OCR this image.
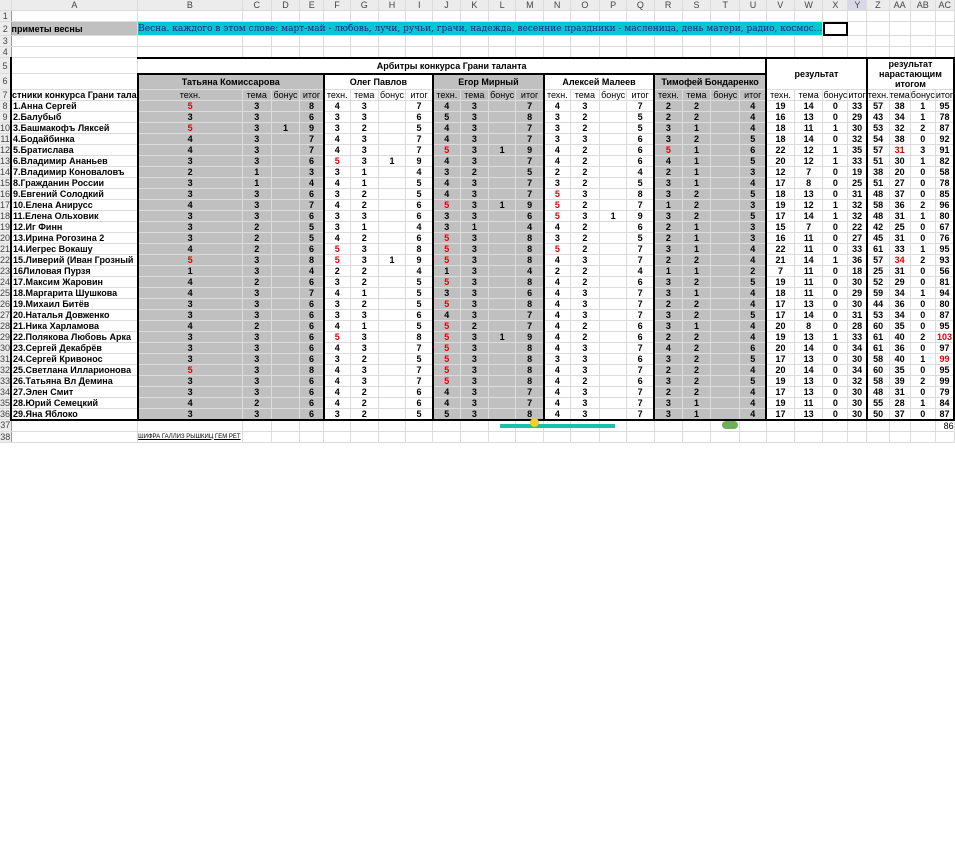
	A	B	C	D	E	F	G	H	I	J	K	L	M	N	O	P	Q	R	S	T	U	V	W	X	Y	Z	AA	AB	AC
1																													
2	приметы весны	Весна. каждого в этом слове: март-май - любовь, лучи, ручьи, грачи, надежда, весенние праздники - масленица, день матери, радио, космос...																											
3																													
4																													
5		Арбитры конкурса Грани таланта																				результат				результат нарастающим итогом			
6		Татьяна Комиссарова				Олег Павлов				Егор Мирный				Алексей Малеев				Тимофей Бондаренко											
7	стники конкурса Грани тала	техн.	тема	бонус	итог	техн.	тема	бонус	итог	техн.	тема	бонус	итог	техн.	тема	бонус	итог	техн.	тема	бонус	итог	техн.	тема	бонус	итог	техн.	тема	бонус	итог
8	1.Анна Сергей	5	3		8	4	3		7	4	3		7	4	3		7	2	2		4	19	14	0	33	57	38	1	95
9	2.Балубыб	3	3		6	3	3		6	5	3		8	3	2		5	2	2		4	16	13	0	29	43	34	1	78
10	3.Башмакофъ Ляксей	5	3	1	9	3	2		5	4	3		7	3	2		5	3	1		4	18	11	1	30	53	32	2	87
11	4.Бодайбинка	4	3		7	4	3		7	4	3		7	3	3		6	3	2		5	18	14	0	32	54	38	0	92
12	5.Братислава	4	3		7	4	3		7	5	3	1	9	4	2		6	5	1		6	22	12	1	35	57	31	3	91
13	6.Владимир Ананьев	3	3		6	5	3	1	9	4	3		7	4	2		6	4	1		5	20	12	1	33	51	30	1	82
14	7.Владимир Коноваловъ	2	1		3	3	1		4	3	2		5	2	2		4	2	1		3	12	7	0	19	38	20	0	58
15	8.Гражданин России	3	1		4	4	1		5	4	3		7	3	2		5	3	1		4	17	8	0	25	51	27	0	78
16	9.Евгений Солодкий	3	3		6	3	2		5	4	3		7	5	3		8	3	2		5	18	13	0	31	48	37	0	85
17	10.Елена Анирусс	4	3		7	4	2		6	5	3	1	9	5	2		7	1	2		3	19	12	1	32	58	36	2	96
18	11.Елена Ольховик	3	3		6	3	3		6	3	3		6	5	3	1	9	3	2		5	17	14	1	32	48	31	1	80
19	12.Иг Финн	3	2		5	3	1		4	3	1		4	4	2		6	2	1		3	15	7	0	22	42	25	0	67
20	13.Ирина Рогозина 2	3	2		5	4	2		6	5	3		8	3	2		5	2	1		3	16	11	0	27	45	31	0	76
21	14.Иегрес Вокашу	4	2		6	5	3		8	5	3		8	5	2		7	3	1		4	22	11	0	33	61	33	1	95
22	15.Ливерий (Иван Грозный	5	3		8	5	3	1	9	5	3		8	4	3		7	2	2		4	21	14	1	36	57	34	2	93
23	16Лиловая Пурзя	1	3		4	2	2		4	1	3		4	2	2		4	1	1		2	7	11	0	18	25	31	0	56
24	17.Максим Жаровин	4	2		6	3	2		5	5	3		8	4	2		6	3	2		5	19	11	0	30	52	29	0	81
25	18.Маргарита Шушкова	4	3		7	4	1		5	3	3		6	4	3		7	3	1		4	18	11	0	29	59	34	1	94
26	19.Михаил Битёв	3	3		6	3	2		5	5	3		8	4	3		7	2	2		4	17	13	0	30	44	36	0	80
27	20.Наталья Довженко	3	3		6	3	3		6	4	3		7	4	3		7	3	2		5	17	14	0	31	53	34	0	87
28	21.Ника Харламова	4	2		6	4	1		5	5	2		7	4	2		6	3	1		4	20	8	0	28	60	35	0	95
29	22.Полякова Любовь Арка	3	3		6	5	3		8	5	3	1	9	4	2		6	2	2		4	19	13	1	33	61	40	2	103
30	23.Сергей Декабрёв	3	3		6	4	3		7	5	3		8	4	3		7	4	2		6	20	14	0	34	61	36	0	97
31	24.Сергей Кривонос	3	3		6	3	2		5	5	3		8	3	3		6	3	2		5	17	13	0	30	58	40	1	99
32	25.Светлана Илларионова	5	3		8	4	3		7	5	3		8	4	3		7	2	2		4	20	14	0	34	60	35	0	95
33	26.Татьяна Вл Демина	3	3		6	4	3		7	5	3		8	4	2		6	3	2		5	19	13	0	32	58	39	2	99
34	27.Элен Смит	3	3		6	4	2		6	4	3		7	4	3		7	2	2		4	17	13	0	30	48	31	0	79
35	28.Юрий Семецкий	4	2		6	4	2		6	4	3		7	4	3		7	3	1		4	19	11	0	30	55	28	1	84
36	29.Яна Яблоко	3	3		6	3	2		5	5	3		8	4	3		7	3	1		4	17	13	0	30	50	37	0	87
37																													86
38		ШИФРА ГАЛЛИЗ РЫШКИЦ ГЕМ РЕТ																											
